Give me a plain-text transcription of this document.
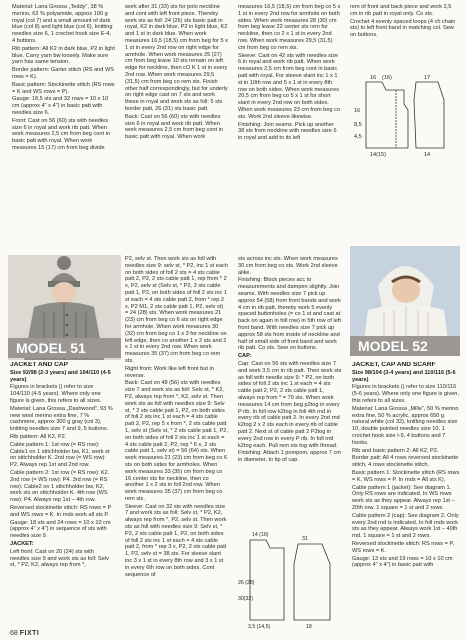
Material: Lana Grossa „Teddy", 38 % merino, 62 % polyamide, approx 100 g royal (col 7) and a small amount of dark blue (col 8) and light blue (col 6), knitting needles size 6, 1 crochet hook size E-4, 4 buttons.

Rib pattern: All K2 in dark blue, P2 in light blue. Carry yarn bw loosely. Make sure yarn has same tension.

Border pattern: Garter stitch (RS and WS rows = K).

Basic pattern: Stockinette stitch (RS rows = K and WS rows = P).

Gauge: 18,5 sts and 32 rows = 10 x 10 cm (approx 4" x 4") in basic patt with needles size 6.

Front: Cast on 56 (60) sts with needles size 6 in royal and work rib patt. When work measures 2,5 cm from beg cont in basic patt with royal. When work measures 15 (17) cm from beg divide

work after 31 (33) sts for polo neckline and cont with left front piece. Thereby work sts as foll: 24 (26) sts basic patt in royal, K2 in dark blue, P2 in light blue, K2 and 1 st in dark blue. When work measures 16,5 (18,5) cm from beg for 5 x 1 st in every 2nd row on right edge for armhole. When work measures 25 (27) cm from beg leave 10 sts remain on left edge for neckline, then cO K 1 st in every 2nd row. When work measures 29,5 (31,5) cm from beg co rem sts. Finish other half correspondingly, but for underly on right edge cast on 7 sts and work these in royal and work sts as foll: 5 sts border patt, 26 (31) sts basic patt.

Back: Cast on 56 (60) sts with needles size 6 in royal and work rib patt. When work measures 2,5 cm from beg cont in basic patt with royal. When work

measures 16,5 (18,5) cm from beg co 5 x 1 st in every 2nd row for armhole on both sides. When work measures 28 (30) cm from beg leave 22 center sts rem for neckline, then co 2 x 1 st in every 2nd row. When work measures 29,5 (31,5) cm from beg co rem sts.

Sleeve: Cast on 42 sts with needles size 6 in royal and work rib patt. When work measures 2,5 cm from beg cont in basic patt with royal. For sleeve slant inc 1 x 1 st in 10th row and 5 x 1 st in every 8th row on both sides. When work measures 20,5 cm from beg co 5 x 1 st for short slant in every 2nd row on both sides. When work measures 23 cm from beg co sts. Work 2nd sleeve likewise.

Finishing: Join seams. Pick up another 38 sts from neckline with needles size 6 in royal and add to its left

rem of front and back piece and work 2,5 cm in rib patt in royal only. Co sts.

Crochet 4 evenly spaced loops (4 ch chain sts) to left front band in matching col. Sew on buttons.

16 (16)
14(15)
16
8,5
4,5
17
14
MODEL 51	MODEL 52

JACKET AND CAP

Size 92/98 (2-3 years) and 104/110 (4-5 years)

Figures in brackets () refer to size 104/110 (4-5 years). Where only one figure is given, this refers to all sizes.

Material: Lana Grossa „Dashwood", 93 % new wool merino extra fine, 7 % cashmere, approx 300 g gray (col 3), knitting needles size 7 and 9, 5 buttons.

Rib pattern: All K2, P2.

Cable pattern 1: 1st row (= RS row): Cable1 on 1 stitchholder bw, K1, work st on stitchholder K. 2nd row (= WS row): P2. Always rep 1st and 2nd row.

Cable pattern 2: 1st row (= RS row): K2. 2nd row (= WS row): P4. 3rd row (= RS row): Cable2 on 1 stitchholder bw, K2, work sts on stitchholder K. 4th row (WS row): P4. Always rep 1st – 4th row.

Reversed stockinette stitch: RS rows = P and WS rows = K. In rnds work all sts P.

Gauge: 18 sts and 24 rows = 10 x 10 cm (approx 4" x 4") in sequence of sts with needles size 9.

JACKET:

Left front: Cast on 20 (24) sts with needles size 9 and work sts as foll: Selv st, * P2, K2, always rep from *,

P2, selv st. Then work sts as foll with needles size 9: selv st, * P2, inc 1 st each on both sides of foll 2 sts = 4 sts cable patt 2, P2, 2 sts cable patt 1, rep from * 2 x, P2, selv st (Selv st, * P2, 2 sts cable patt 1, P2, on both sides of foll 2 sts inc 1 st each = 4 sts cable patt 2, from * rep 2 x, P2 M1, 2 sts cable patt 1, P2, selv st) = 24 (28) sts. When work measures 21 (23) cm from beg co 6 sts on right edge for armhole. When work measures 30 (32) cm from beg co 1 x 3 for neckline on left edge, then co another 1 x 2 sts and 2 x 1 st in every 2nd row. When work measures 35 (37) cm from beg co rem sts.

Right front: Work like left front but in reverse.

Back: Cast on 48 (56) sts with needles size 7 and work sts as foll: Selv st, * K2, P2, always rep from *, K2, selv st. Then work sts as foll with needles size 9: Selv st, * 2 sts cable patt 1, P2, on both sides of foll 2 sts inc 1 st each = 4 sts cable patt 2, P2, rep 5 x from *, 2 sts cable patt 1, selv st (Selv st, * 2 sts cable patt 1, P2, on both sides of foll 2 sts inc 1 st each = 4 sts cable patt 2, P2, rep * 6 x, 2 sts cable patt 1, selv st) = 56 (64) sts. When work measures 21 (23) cm from beg co 6 sts on both sides for armholes. When work measures 33 (35) cm from beg co 16 center sts for neckline, then co another 1 x 2 sts in foll 2nd row. When work measures 35 (37) cm from beg co rem sts.

Sleeve: Cast on 32 sts with needles size 7 and work sts as foll: Selv st, * P2, K2, always rep from *, P2, selv st. Then work sts as foll with needles size 9: Selv st, * P2, 2 sts cable patt 1, P2, on both sides of foll 2 sts inc 1 st each = 4 sts cable patt 2, from * rep 3 x, P2, 2 sts cable patt 1, P2, selv st = 38 sts. For sleeve slant inc 3 x 1 st in every 8th row and 3 x 1 st in every 6th row on both sides. Cont sequence of

sts across inc sts. When work measures 30 cm from beg co sts. Work 2nd sleeve alike.

Finishing: Block pieces acc to measurements and dampen slightly. Join seams. With needles size 7 pick up approx 54 (58) from front bands and work 4 cm in rib patt, thereby work 5 evenly spaced buttonholes (= co 1 st and cast at back on again in foll row) in 5th row of left front band. With needles size 7 pick up approx 58 sts from inside of neckline and half of small side of front band and work rib patt. Co sts. Sew on buttons.

CAP:

Cap: Cast on 56 sts with needles size 7 and work 3,5 cm in rib patt. Then work sts as foll with needle size 9: * P2, on both sides of foll 2 sts inc 1 st each = 4 sts cable patt 2, P2, 2 sts cable patt 1, always rep from * = 70 sts. When work measures 14 cm from beg p2tog in every P rib. In foll row k2tog in foll 4th rnd in every rib of cable patt 2. In every 2nd rnd k2tog 2 x 2 sts each in every rib of cable patt 2. Next st of cable patt 2 P2tog in every 2nd row in every P rib. In foll rnd k2tog each. Pull rem sts tog with thread.

Finishing: Attach 1 pompom, approx 7 cm in diameter, to tip of cap.

14 (16)
26 (28)
30(32)
31
18
3,5 (14,5)

JACKET, CAP AND SCARF

Size 98/104 (3-4 years) and 110/116 (5-6 years)

Figures in brackets () refer to size 110/116 (5-6 years). Where only one figure is given, this refers to all sizes.

Material: Lana Grossa „Mille", 50 % merino extra fine, 50 % acrylic, approx 650 g natural white (col 32), knitting needles size 10, double pointed needles size 10, 1 crochet hook size I-9, 4 buttons and 7 hooks.

Rib and basic pattern 2: All K2, P2.

Border patt: All 4 rows reversed stockinette stitch, 4 rows stockinette stitch.

Basic pattern 1: Stockinette stitch (RS rows = K, WS rows = P. In rnds = All sts K).

Cable pattern 1 (jacket): See diagram 1. Only RS rows are indicated. In WS rows work sts as they appear. Always rep 1st – 20th row. 1 square = 1 st and 2 rows.

Cable pattern 2 (cap): See diagram 2. Only every 2nd rnd is indicated. In foll rnds work sts as they appear. Always work 1st – 40th rnd. 1 square = 1 st and 2 rows.

Reversed stockinette stitch: RS rows = P, WS rows = K.

Gauge: 13 sts and 19 rows = 10 x 10 cm (approx 4" x 4") in basic patt with

68 FIXTI
